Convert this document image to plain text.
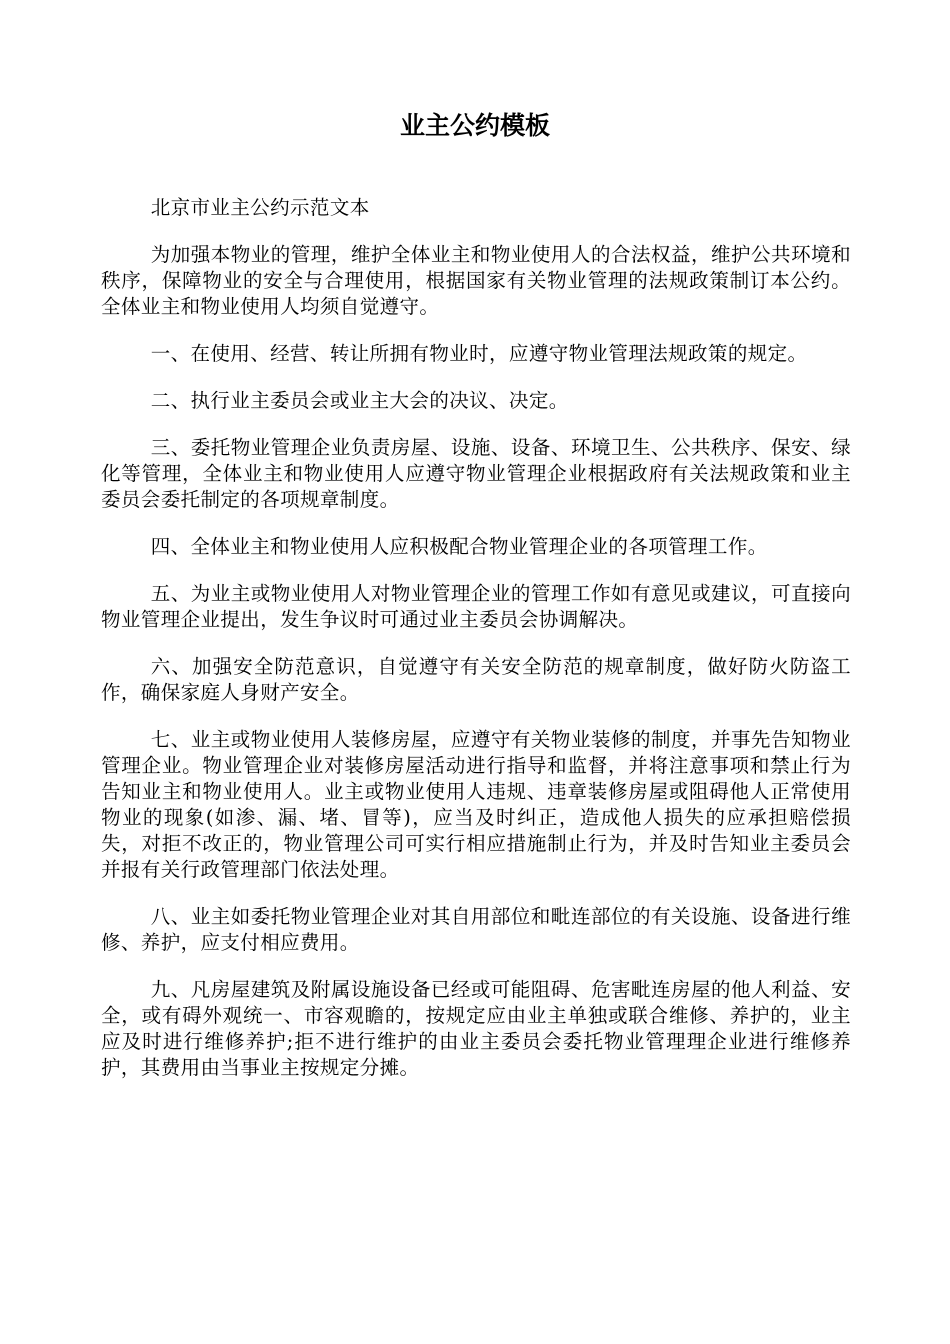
业主公约模板

北京市业主公约示范文本

为加强本物业的管理，维护全体业主和物业使用人的合法权益，维护公共环境和秩序，保障物业的安全与合理使用，根据国家有关物业管理的法规政策制订本公约。全体业主和物业使用人均须自觉遵守。

一、在使用、经营、转让所拥有物业时，应遵守物业管理法规政策的规定。

二、执行业主委员会或业主大会的决议、决定。

三、委托物业管理企业负责房屋、设施、设备、环境卫生、公共秩序、保安、绿化等管理，全体业主和物业使用人应遵守物业管理企业根据政府有关法规政策和业主委员会委托制定的各项规章制度。

四、全体业主和物业使用人应积极配合物业管理企业的各项管理工作。

五、为业主或物业使用人对物业管理企业的管理工作如有意见或建议，可直接向物业管理企业提出，发生争议时可通过业主委员会协调解决。

六、加强安全防范意识，自觉遵守有关安全防范的规章制度，做好防火防盗工作，确保家庭人身财产安全。

七、业主或物业使用人装修房屋，应遵守有关物业装修的制度，并事先告知物业管理企业。物业管理企业对装修房屋活动进行指导和监督，并将注意事项和禁止行为告知业主和物业使用人。业主或物业使用人违规、违章装修房屋或阻碍他人正常使用物业的现象(如渗、漏、堵、冒等)，应当及时纠正，造成他人损失的应承担赔偿损失，对拒不改正的，物业管理公司可实行相应措施制止行为，并及时告知业主委员会并报有关行政管理部门依法处理。

八、业主如委托物业管理企业对其自用部位和毗连部位的有关设施、设备进行维修、养护，应支付相应费用。

九、凡房屋建筑及附属设施设备已经或可能阻碍、危害毗连房屋的他人利益、安全，或有碍外观统一、市容观瞻的，按规定应由业主单独或联合维修、养护的，业主应及时进行维修养护;拒不进行维护的由业主委员会委托物业管理理企业进行维修养护，其费用由当事业主按规定分摊。
